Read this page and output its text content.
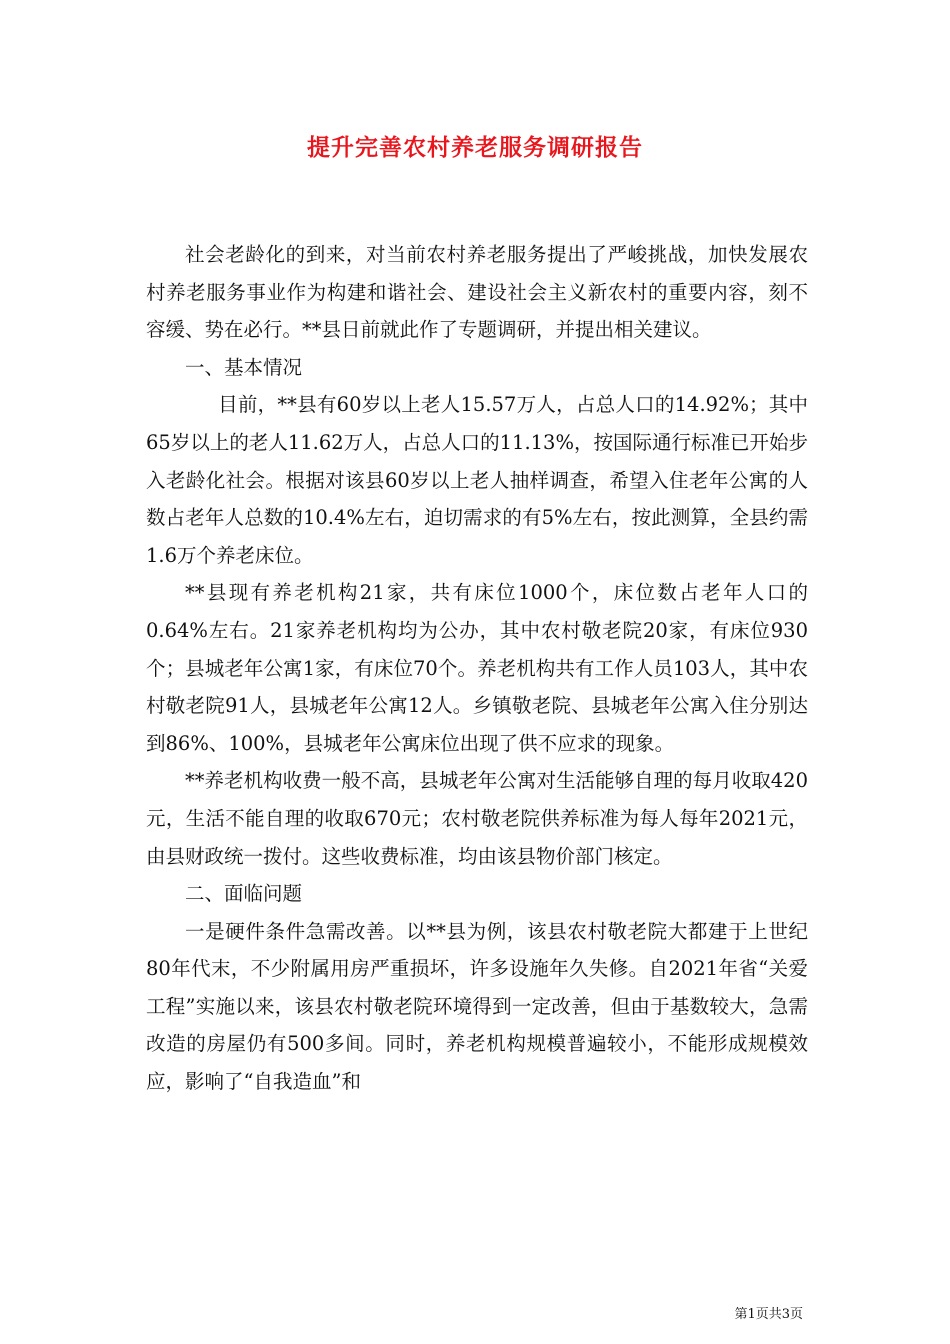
提升完善农村养老服务调研报告

社会老龄化的到来，对当前农村养老服务提出了严峻挑战，加快发展农村养老服务事业作为构建和谐社会、建设社会主义新农村的重要内容，刻不容缓、势在必行。**县日前就此作了专题调研，并提出相关建议。

一、基本情况

目前，**县有60岁以上老人15.57万人，占总人口的14.92%；其中65岁以上的老人11.62万人，占总人口的11.13%，按国际通行标准已开始步入老龄化社会。根据对该县60岁以上老人抽样调查，希望入住老年公寓的人数占老年人总数的10.4%左右，迫切需求的有5%左右，按此测算，全县约需1.6万个养老床位。

**县现有养老机构21家，共有床位1000个，床位数占老年人口的0.64%左右。21家养老机构均为公办，其中农村敬老院20家，有床位930个；县城老年公寓1家，有床位70个。养老机构共有工作人员103人，其中农村敬老院91人，县城老年公寓12人。乡镇敬老院、县城老年公寓入住分别达到86%、100%，县城老年公寓床位出现了供不应求的现象。

**养老机构收费一般不高，县城老年公寓对生活能够自理的每月收取420元，生活不能自理的收取670元；农村敬老院供养标准为每人每年2021元，由县财政统一拨付。这些收费标准，均由该县物价部门核定。

二、面临问题

一是硬件条件急需改善。以**县为例，该县农村敬老院大都建于上世纪80年代末，不少附属用房严重损坏，许多设施年久失修。自2021年省“关爱工程”实施以来，该县农村敬老院环境得到一定改善，但由于基数较大，急需改造的房屋仍有500多间。同时，养老机构规模普遍较小，不能形成规模效应，影响了“自我造血”和

第1页共3页
